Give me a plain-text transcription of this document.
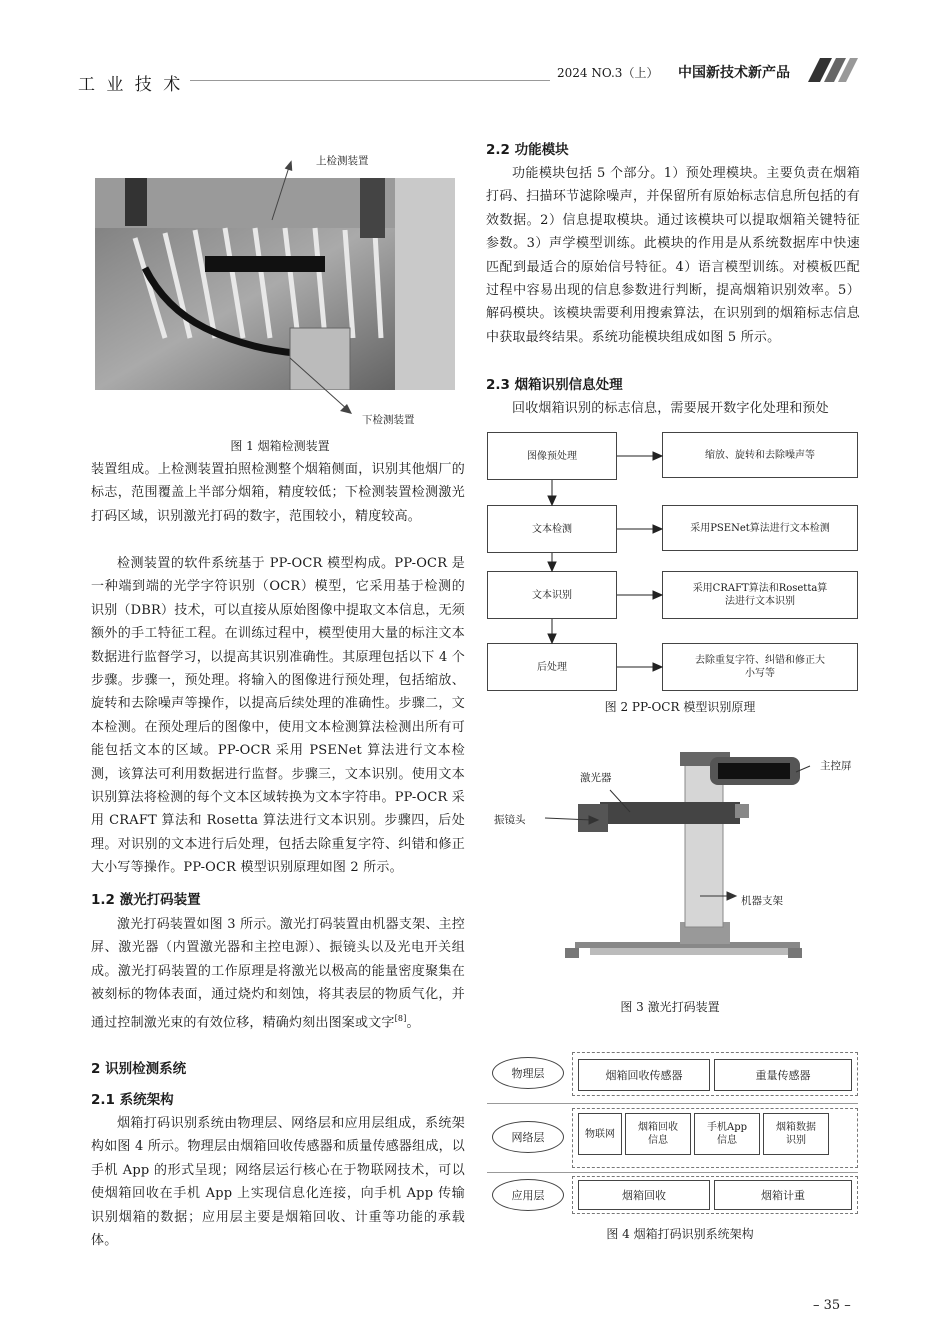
工 业 技 术
2024 NO.3（上） 中国新技术新产品
上检测装置
下检测装置
图 1 烟箱检测装置

装置组成。上检测装置拍照检测整个烟箱侧面，识别其他烟厂的标志，范围覆盖上半部分烟箱，精度较低；下检测装置检测激光打码区域，识别激光打码的数字，范围较小，精度较高。

检测装置的软件系统基于 PP-OCR 模型构成。PP-OCR 是一种端到端的光学字符识别（OCR）模型，它采用基于检测的识别（DBR）技术，可以直接从原始图像中提取文本信息，无须额外的手工特征工程。在训练过程中，模型使用大量的标注文本数据进行监督学习，以提高其识别准确性。其原理包括以下 4 个步骤。步骤一，预处理。将输入的图像进行预处理，包括缩放、旋转和去除噪声等操作，以提高后续处理的准确性。步骤二，文本检测。在预处理后的图像中，使用文本检测算法检测出所有可能包括文本的区域。PP-OCR 采用 PSENet 算法进行文本检测，该算法可利用数据进行监督。步骤三，文本识别。使用文本识别算法将检测的每个文本区域转换为文本字符串。PP-OCR 采用 CRAFT 算法和 Rosetta 算法进行文本识别。步骤四，后处理。对识别的文本进行后处理，包括去除重复字符、纠错和修正大小写等操作。PP-OCR 模型识别原理如图 2 所示。

1.2 激光打码装置

激光打码装置如图 3 所示。激光打码装置由机器支架、主控屏、激光器（内置激光器和主控电源）、振镜头以及光电开关组成。激光打码装置的工作原理是将激光以极高的能量密度聚集在被刻标的物体表面，通过烧灼和刻蚀，将其表层的物质气化，并通过控制激光束的有效位移，精确灼刻出图案或文字[8]。

2 识别检测系统
2.1 系统架构

烟箱打码识别系统由物理层、网络层和应用层组成，系统架构如图 4 所示。物理层由烟箱回收传感器和质量传感器组成，以手机 App 的形式呈现；网络层运行核心在于物联网技术，可以使烟箱回收在手机 App 上实现信息化连接，向手机 App 传输识别烟箱的数据；应用层主要是烟箱回收、计重等功能的承载体。

2.2 功能模块

功能模块包括 5 个部分。1）预处理模块。主要负责在烟箱打码、扫描环节滤除噪声，并保留所有原始标志信息所包括的有效数据。2）信息提取模块。通过该模块可以提取烟箱关键特征参数。3）声学模型训练。此模块的作用是从系统数据库中快速匹配到最适合的原始信号特征。4）语言模型训练。对模板匹配过程中容易出现的信息参数进行判断，提高烟箱识别效率。5）解码模块。该模块需要利用搜索算法，在识别到的烟箱标志信息中获取最终结果。系统功能模块组成如图 5 所示。

2.3 烟箱识别信息处理

回收烟箱识别的标志信息，需要展开数字化处理和预处

图像预处理
文本检测
文本识别
后处理
缩放、旋转和去除噪声等
采用PSENet算法进行文本检测
采用CRAFT算法和Rosetta算法进行文本识别
去除重复字符、纠错和修正大小写等
图 2 PP-OCR 模型识别原理
主控屏
激光器
振镜头
机器支架
图 3 激光打码装置
物理层
网络层
应用层
烟箱回收传感器	重量传感器
物联网
烟箱回收信息
手机App信息
烟箱数据识别
烟箱回收	烟箱计重
图 4 烟箱打码识别系统架构
– 35 –
